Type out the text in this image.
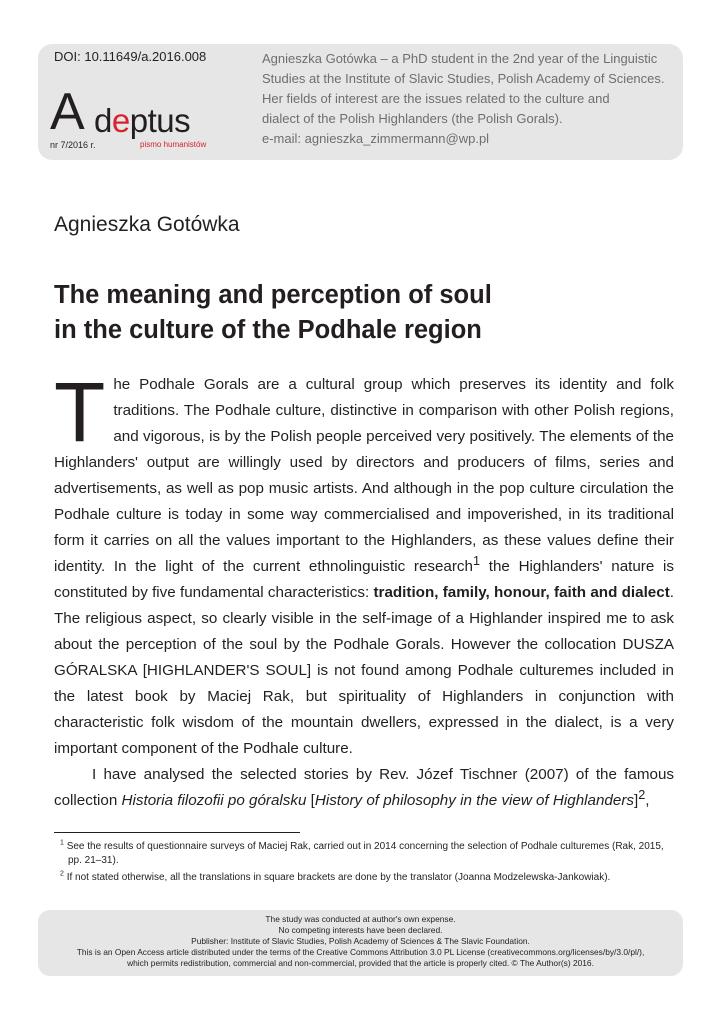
DOI: 10.11649/a.2016.008
A deptus
nr 7/2016 r.	pismo humanistów
Agnieszka Gotówka – a PhD student in the 2nd year of the Linguistic
Studies at the Institute of Slavic Studies, Polish Academy of Sciences.
Her fields of interest are the issues related to the culture and
dialect of the Polish Highlanders (the Polish Gorals).
e-mail: agnieszka_zimmermann@wp.pl
Agnieszka Gotówka
The meaning and perception of soul
in the culture of the Podhale region

The Podhale Gorals are a cultural group which preserves its identity and folk traditions. The Podhale culture, distinctive in comparison with other Polish regions, and vigorous, is by the Polish people perceived very positively. The elements of the Highlanders' output are willingly used by directors and producers of films, series and advertisements, as well as pop music artists. And although in the pop culture circulation the Podhale culture is today in some way commercialised and impoverished, in its traditional form it carries on all the values important to the Highlanders, as these values define their identity. In the light of the current ethnolinguistic research$^1$ the Highlanders' nature is constituted by five fundamental characteristics: tradition, family, honour, faith and dialect. The religious aspect, so clearly visible in the self-image of a Highlander inspired me to ask about the perception of the soul by the Podhale Gorals. However the collocation DUSZA GÓRALSKA [HIGHLANDER'S SOUL] is not found among Podhale culturemes included in the latest book by Maciej Rak, but spirituality of Highlanders in conjunction with characteristic folk wisdom of the mountain dwellers, expressed in the dialect, is a very important component of the Podhale culture.

I have analysed the selected stories by Rev. Józef Tischner (2007) of the famous collection Historia filozofii po góralsku [History of philosophy in the view of Highlanders]$^2$,

$^1$ See the results of questionnaire surveys of Maciej Rak, carried out in 2014 concerning the selection of Podhale culturemes (Rak, 2015, pp. 21–31).
$^2$ If not stated otherwise, all the translations in square brackets are done by the translator (Joanna Modzelewska-Jankowiak).
The study was conducted at author's own expense.
No competing interests have been declared.
Publisher: Institute of Slavic Studies, Polish Academy of Sciences & The Slavic Foundation.
This is an Open Access article distributed under the terms of the Creative Commons Attribution 3.0 PL License (creativecommons.org/licenses/by/3.0/pl/),
which permits redistribution, commercial and non-commercial, provided that the article is properly cited. © The Author(s) 2016.
